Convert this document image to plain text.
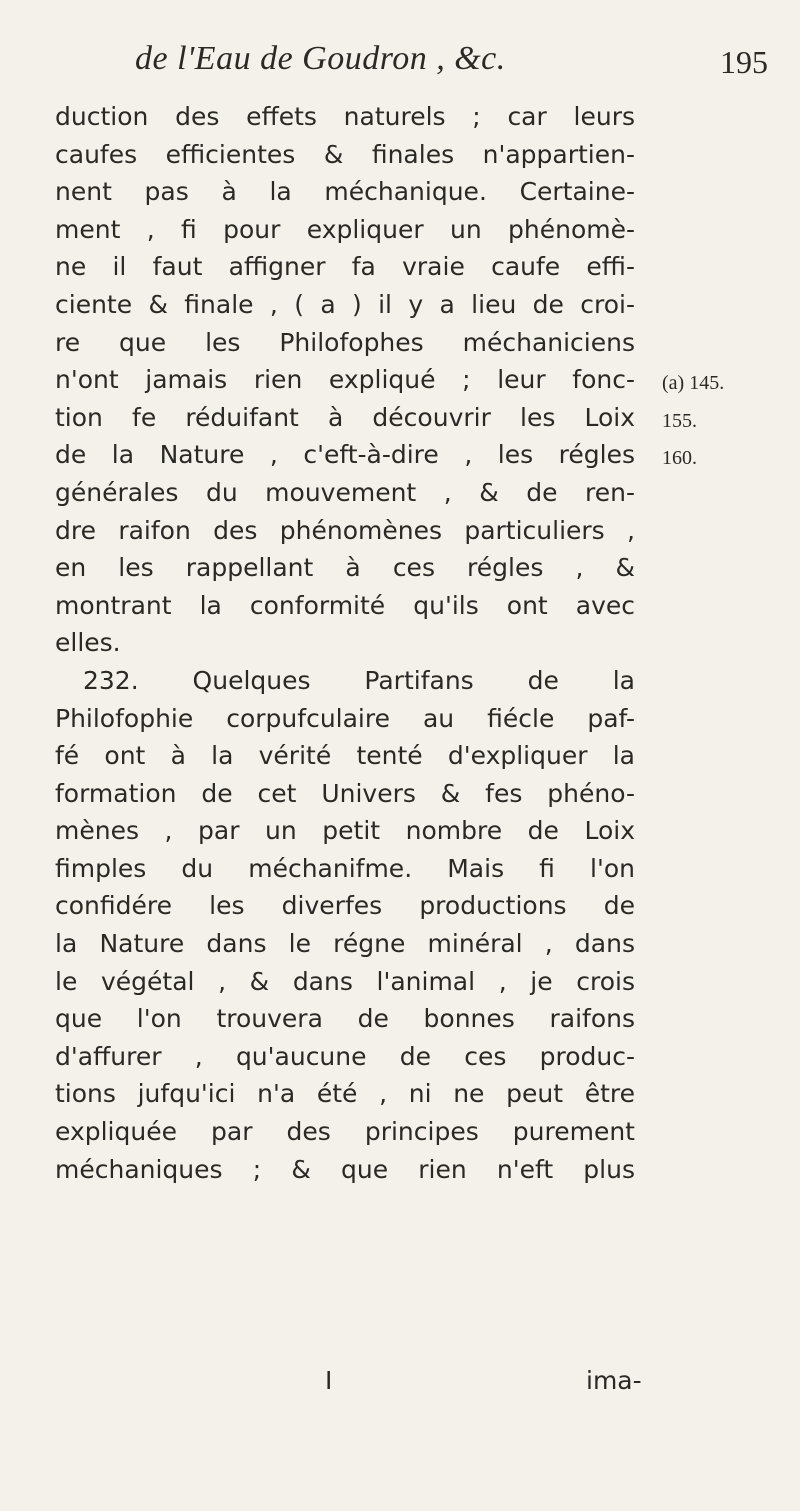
de l'Eau de Goudron , &c.	195
duction des effets naturels ; car leurs
caufes efficientes & finales n'appartien-
nent pas à la méchanique. Certaine-
ment , fi pour expliquer un phénomè-
ne il faut affigner fa vraie caufe effi-
ciente & finale , ( a ) il y a lieu de croi-
re que les Philofophes méchaniciens
n'ont jamais rien expliqué ; leur fonc-
tion fe réduifant à découvrir les Loix
de la Nature , c'eft-à-dire , les régles
générales du mouvement , & de ren-
dre raifon des phénomènes particuliers ,
en les rappellant à ces régles , &
montrant la conformité qu'ils ont avec
elles.
232. Quelques Partifans de la
Philofophie corpufculaire au fiécle paf-
fé ont à la vérité tenté d'expliquer la
formation de cet Univers & fes phéno-
mènes , par un petit nombre de Loix
fimples du méchanifme. Mais fi l'on
confidére les diverfes productions de
la Nature dans le régne minéral , dans
le végétal , & dans l'animal , je crois
que l'on trouvera de bonnes raifons
d'affurer , qu'aucune de ces produc-
tions jufqu'ici n'a été , ni ne peut être
expliquée par des principes purement
méchaniques ; & que rien n'eft plus
(a) 145.
155.
160.
I	ima-
